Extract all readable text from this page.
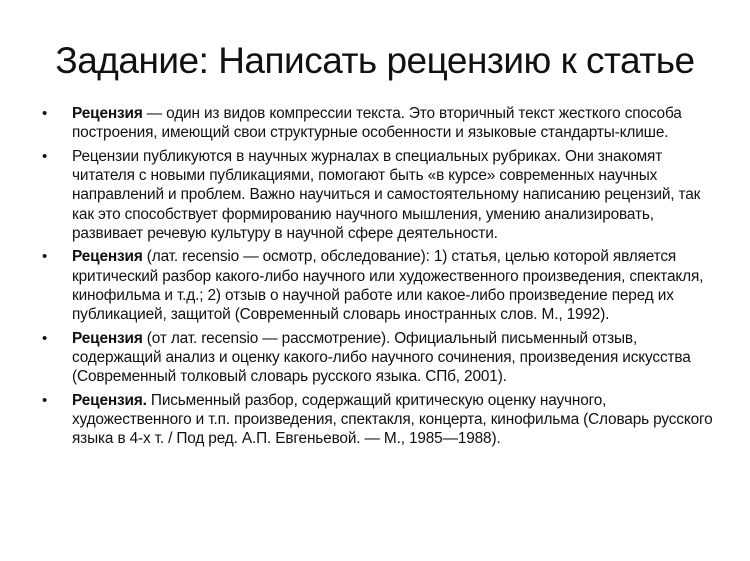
Задание: Написать рецензию к статье
• Рецензия — один из видов компрессии текста. Это вторичный текст жесткого способа построения, имеющий свои структурные особенности и языковые стандарты-клише.
• Рецензии публикуются в научных журналах в специальных рубриках. Они знакомят читателя с новыми публикациями, помогают быть «в курсе» современных научных направлений и проблем. Важно научиться и самостоятельному написанию рецензий, так как это способствует формированию научного мышления, умению анализировать, развивает речевую культуру в научной сфере деятельности.
• Рецензия (лат. recensio — осмотр, обследование): 1) статья, целью которой является критический разбор какого-либо научного или художественного произведения, спектакля, кинофильма и т.д.; 2) отзыв о научной работе или какое-либо произведение перед их публикацией, защитой (Современный словарь иностранных слов. М., 1992).
• Рецензия (от лат. recensio — рассмотрение). Официальный письменный отзыв, содержащий анализ и оценку какого-либо научного сочинения, произведения искусства (Современный толковый словарь русского языка. СПб, 2001).
• Рецензия. Письменный разбор, содержащий критическую оценку научного, художественного и т.п. произведения, спектакля, концерта, кинофильма (Словарь русского языка в 4-х т. / Под ред. А.П. Евгеньевой. — М., 1985—1988).
